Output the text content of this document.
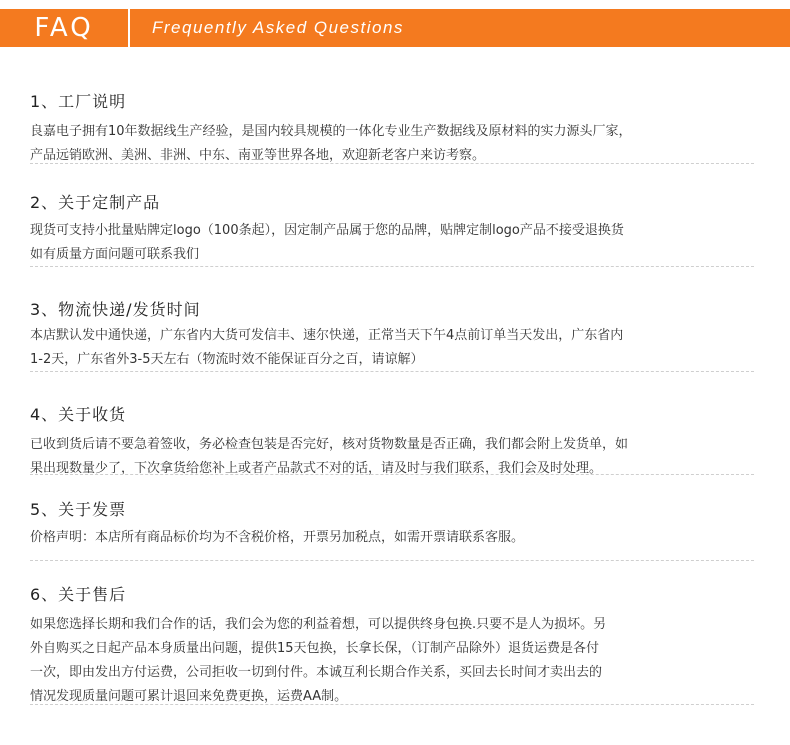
FAQ	Frequently Asked Questions
1、工厂说明

良嘉电子拥有10年数据线生产经验，是国内较具规模的一体化专业生产数据线及原材料的实力源头厂家，
产品远销欧洲、美洲、非洲、中东、南亚等世界各地，欢迎新老客户来访考察。

2、关于定制产品

现货可支持小批量贴牌定logo（100条起），因定制产品属于您的品牌，贴牌定制logo产品不接受退换货
如有质量方面问题可联系我们

3、物流快递/发货时间

本店默认发中通快递，广东省内大货可发信丰、速尔快递，正常当天下午4点前订单当天发出，广东省内
1-2天，广东省外3-5天左右（物流时效不能保证百分之百，请谅解）

4、关于收货

已收到货后请不要急着签收，务必检查包装是否完好，核对货物数量是否正确，我们都会附上发货单，如
果出现数量少了，下次拿货给您补上或者产品款式不对的话，请及时与我们联系，我们会及时处理。

5、关于发票

价格声明：本店所有商品标价均为不含税价格，开票另加税点，如需开票请联系客服。

6、关于售后

如果您选择长期和我们合作的话，我们会为您的利益着想，可以提供终身包换.只要不是人为损坏。另
外自购买之日起产品本身质量出问题，提供15天包换，长拿长保，（订制产品除外）退货运费是各付
一次，即由发出方付运费，公司拒收一切到付件。本诚互利长期合作关系，买回去长时间才卖出去的
情况发现质量问题可累计退回来免费更换，运费AA制。
